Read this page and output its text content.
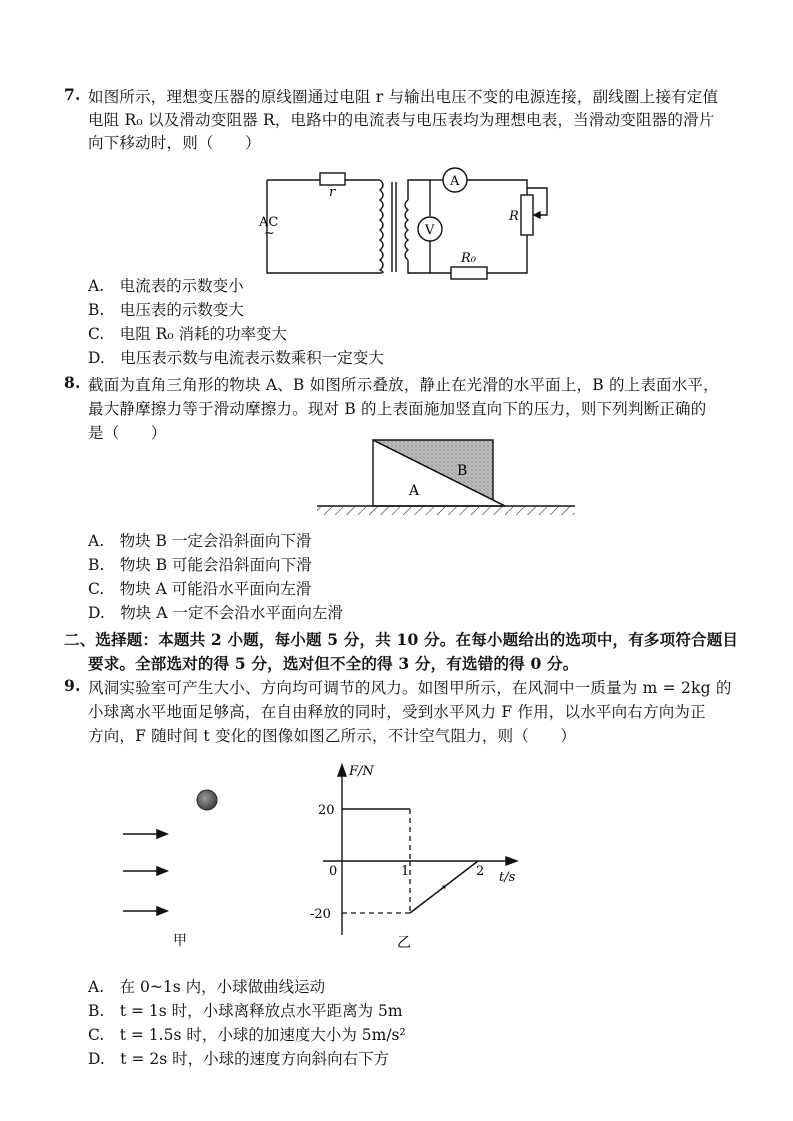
7. 如图所示，理想变压器的原线圈通过电阻 r 与输出电压不变的电源连接，副线圈上接有定值
电阻 R₀ 以及滑动变阻器 R，电路中的电流表与电压表均为理想电表，当滑动变阻器的滑片
向下移动时，则（　　）
AC
~
r
V
A
R
R₀
A.　电流表的示数变小
B.　电压表的示数变大
C.　电阻 R₀ 消耗的功率变大
D.　电压表示数与电流表示数乘积一定变大
8. 截面为直角三角形的物块 A、B 如图所示叠放，静止在光滑的水平面上，B 的上表面水平，
最大静摩擦力等于滑动摩擦力。现对 B 的上表面施加竖直向下的压力，则下列判断正确的
是（　　）
A
B
A.　物块 B 一定会沿斜面向下滑
B.　物块 B 可能会沿斜面向下滑
C.　物块 A 可能沿水平面向左滑
D.　物块 A 一定不会沿水平面向左滑
二、选择题：本题共 2 小题，每小题 5 分，共 10 分。在每小题给出的选项中，有多项符合题目
要求。全部选对的得 5 分，选对但不全的得 3 分，有选错的得 0 分。
9. 风洞实验室可产生大小、方向均可调节的风力。如图甲所示，在风洞中一质量为 m = 2kg 的
小球离水平地面足够高，在自由释放的同时，受到水平风力 F 作用，以水平向右方向为正
方向，F 随时间 t 变化的图像如图乙所示，不计空气阻力，则（　　）
甲
F/N
t/s
0	1	2
20
-20
乙
A.　在 0~1s 内，小球做曲线运动
B.　t = 1s 时，小球离释放点水平距离为 5m
C.　t = 1.5s 时，小球的加速度大小为 5m/s²
D.　t = 2s 时，小球的速度方向斜向右下方
